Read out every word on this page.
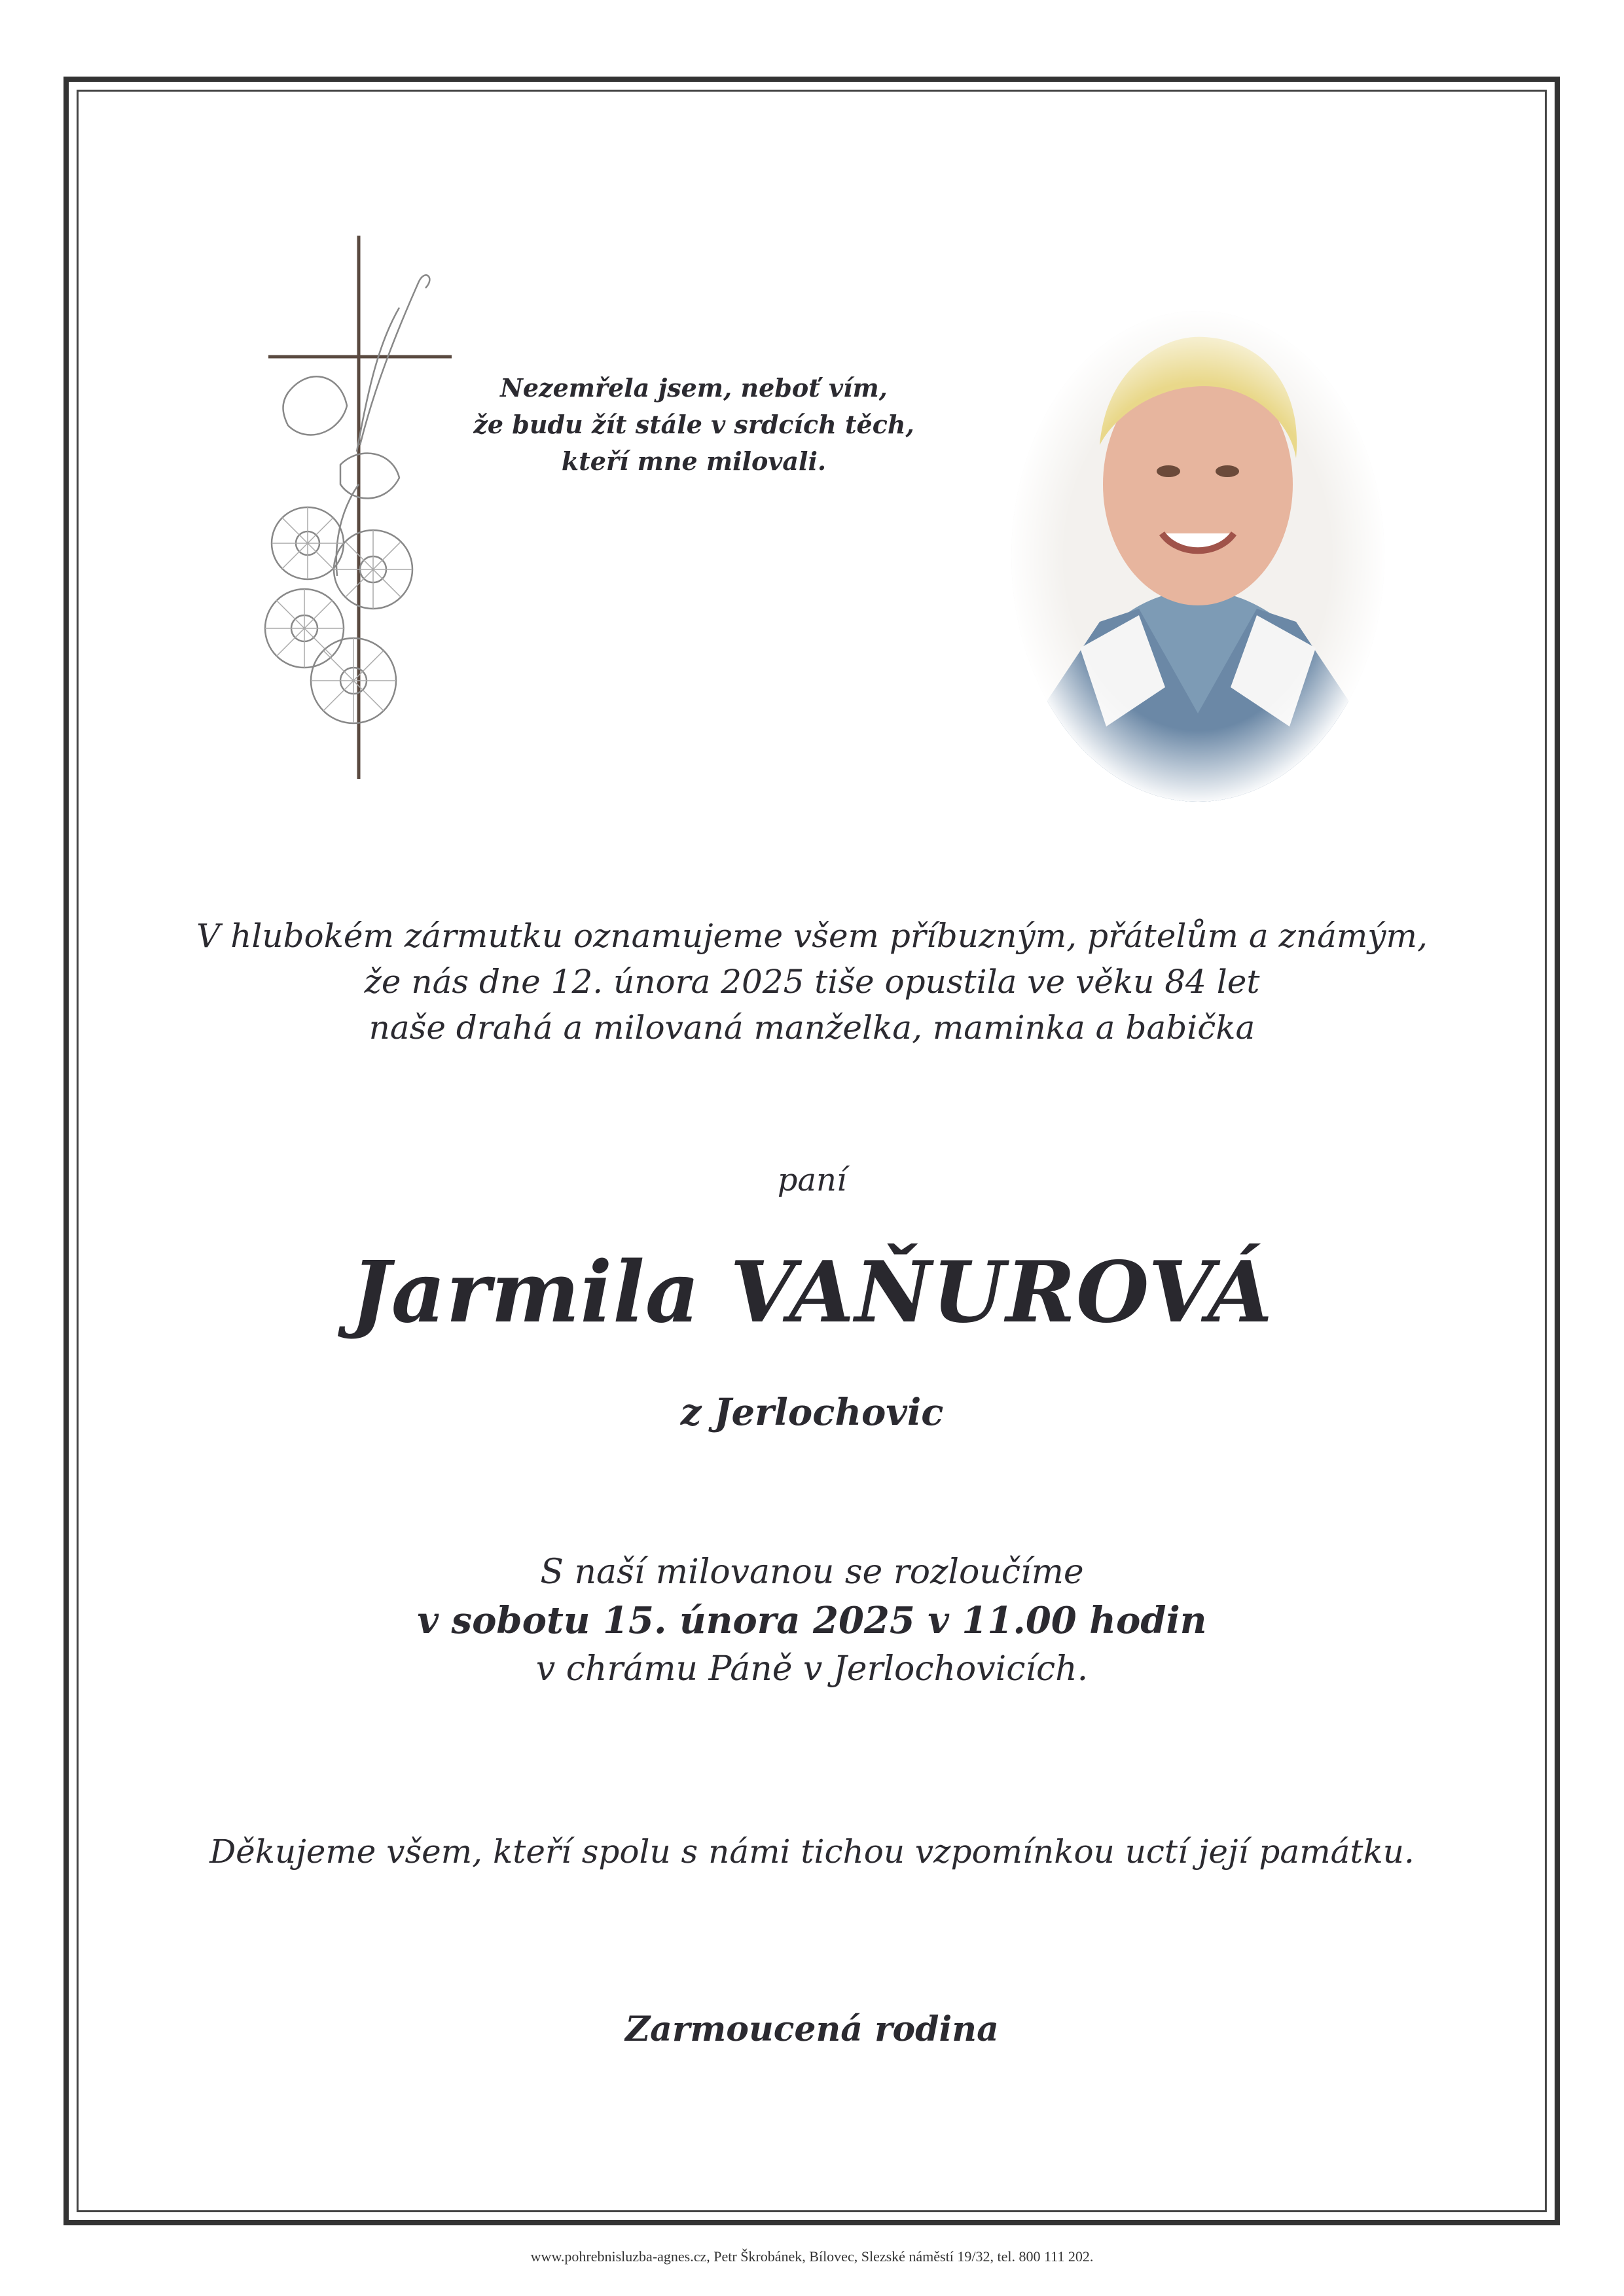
Nezemřela jsem, neboť vím,
že budu žít stále v srdcích těch,
kteří mne milovali.
V hlubokém zármutku oznamujeme všem příbuzným, přátelům a známým,
že nás dne 12. února 2025 tiše opustila ve věku 84 let
naše drahá a milovaná manželka, maminka a babička
paní
Jarmila VAŇUROVÁ
z Jerlochovic
S naší milovanou se rozloučíme
v sobotu 15. února 2025 v 11.00 hodin
v chrámu Páně v Jerlochovicích.
Děkujeme všem, kteří spolu s námi tichou vzpomínkou uctí její památku.
Zarmoucená rodina
www.pohrebnisluzba-agnes.cz, Petr Škrobánek, Bílovec, Slezské náměstí 19/32, tel. 800 111 202.
